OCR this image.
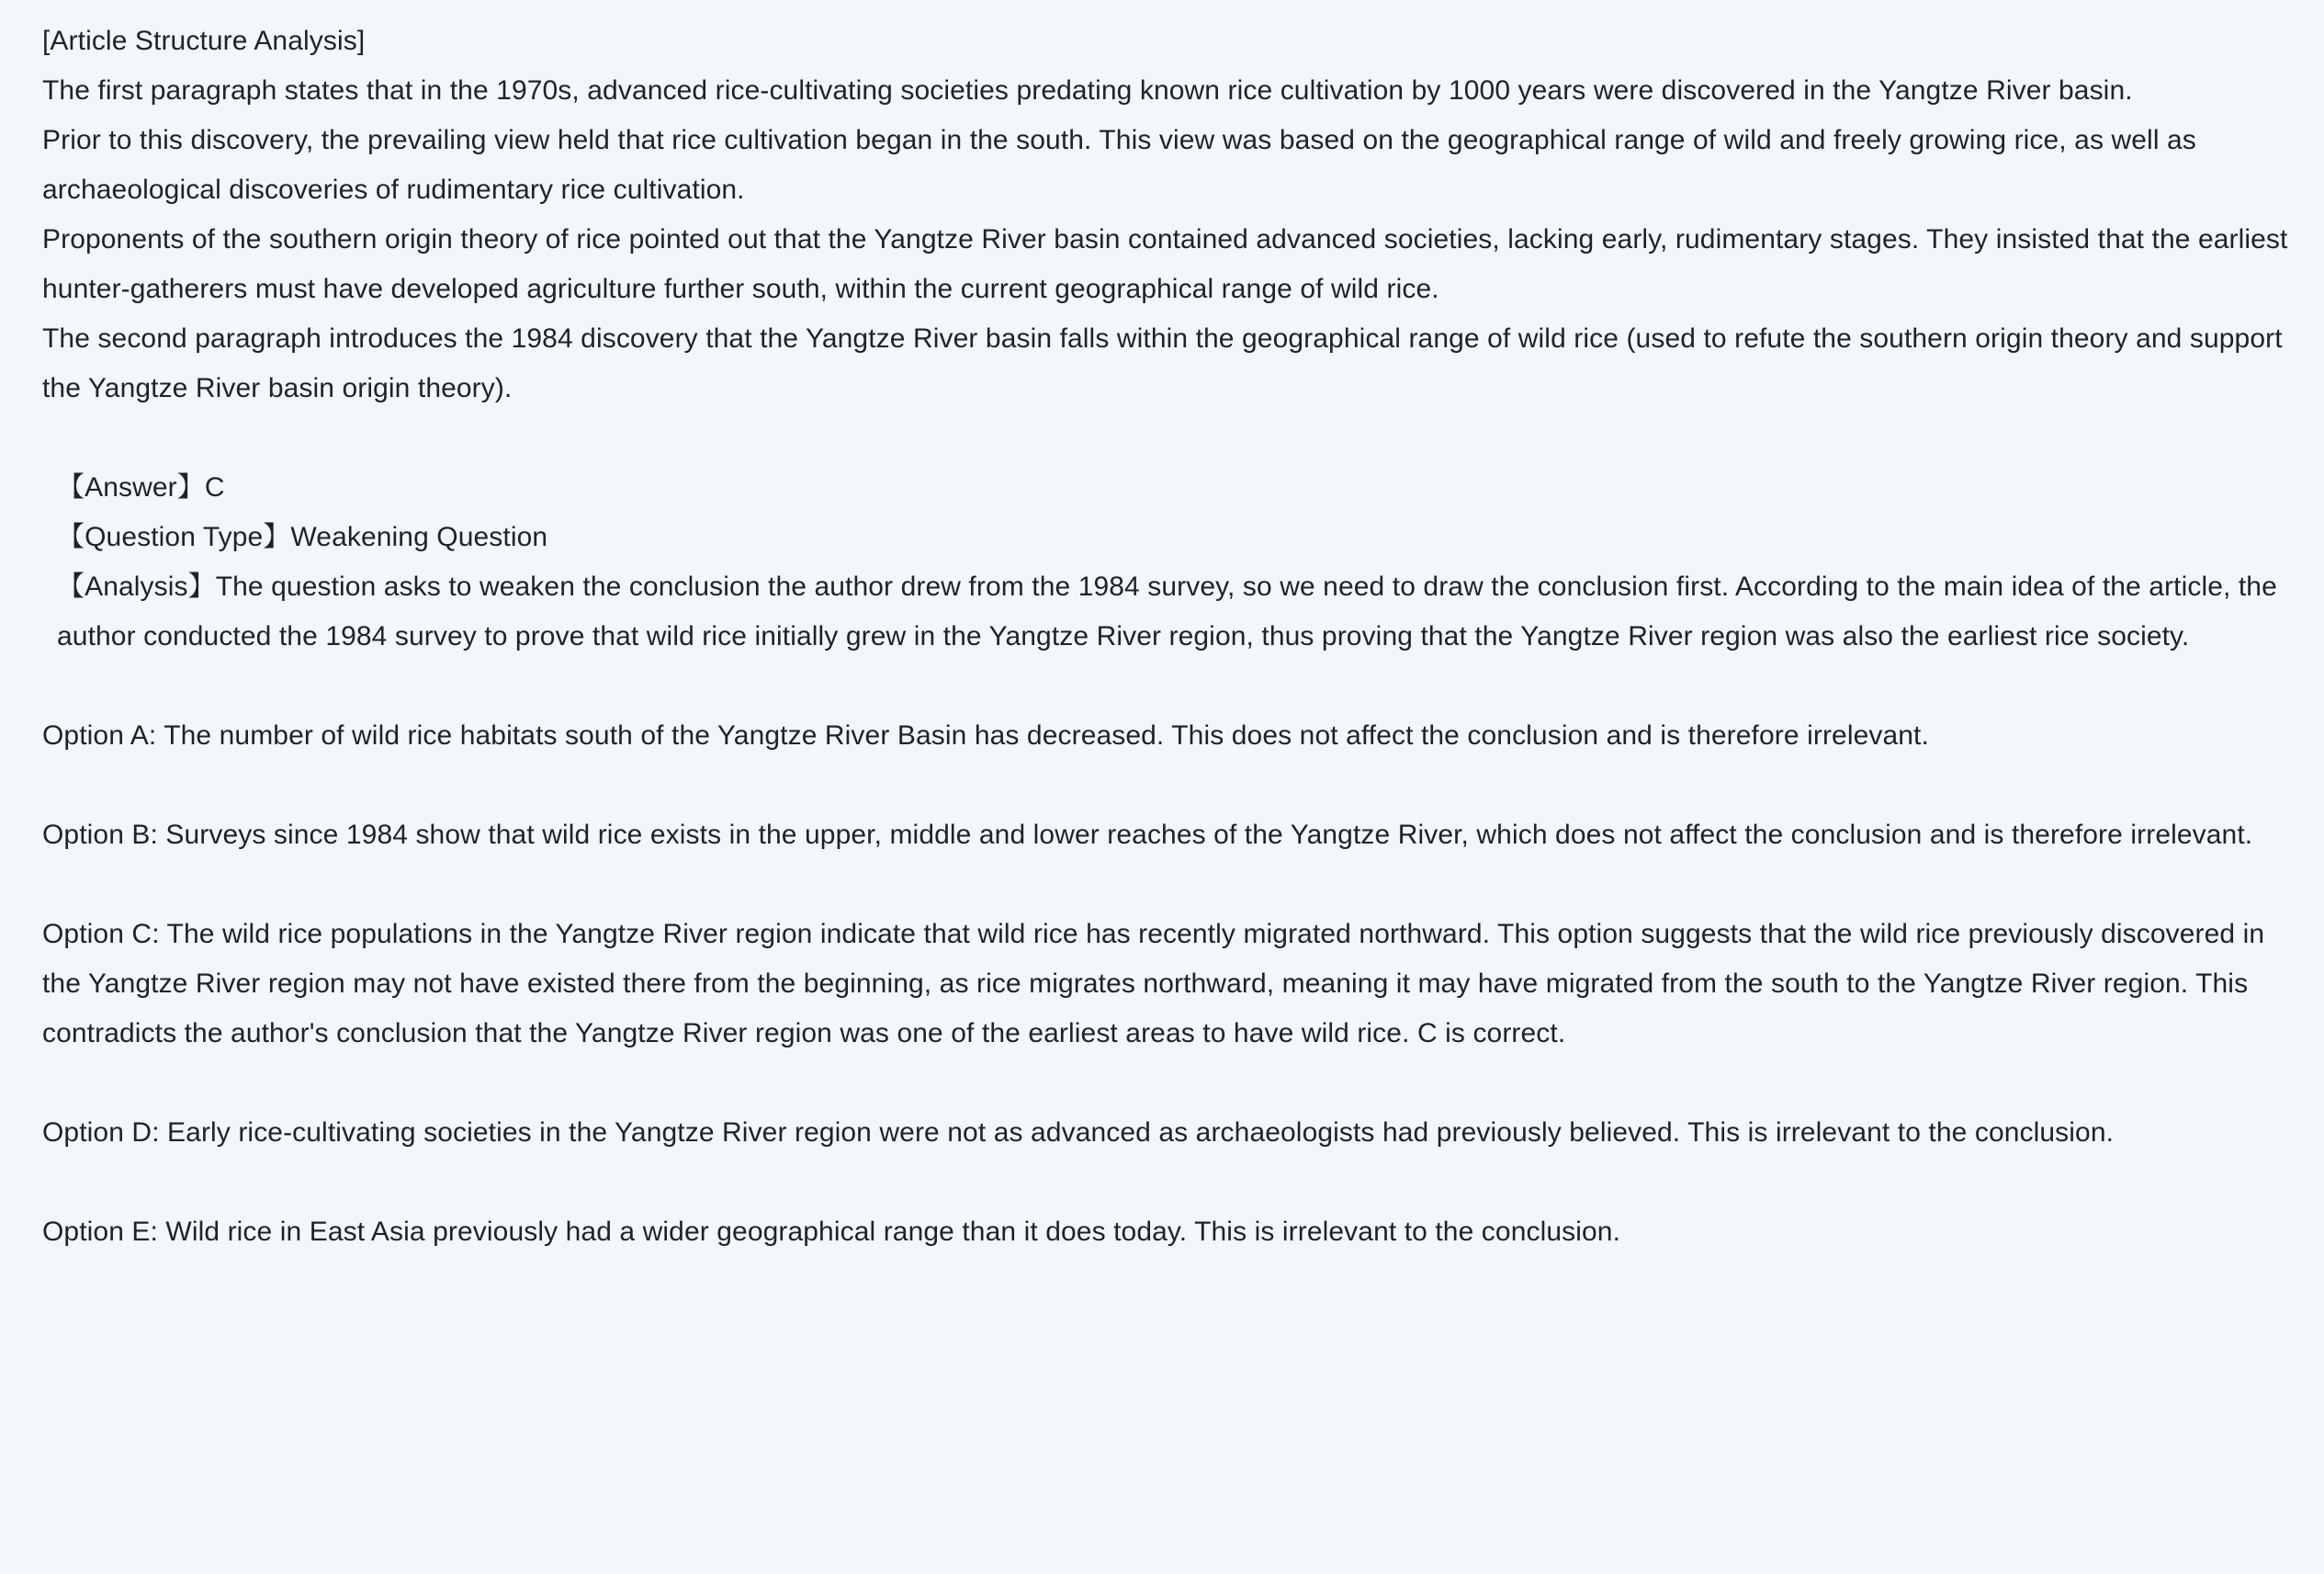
[Article Structure Analysis]

The first paragraph states that in the 1970s, advanced rice-cultivating societies predating known rice cultivation by 1000 years were discovered in the Yangtze River basin.

Prior to this discovery, the prevailing view held that rice cultivation began in the south. This view was based on the geographical range of wild and freely growing rice, as well as archaeological discoveries of rudimentary rice cultivation.

Proponents of the southern origin theory of rice pointed out that the Yangtze River basin contained advanced societies, lacking early, rudimentary stages. They insisted that the earliest hunter-gatherers must have developed agriculture further south, within the current geographical range of wild rice.

The second paragraph introduces the 1984 discovery that the Yangtze River basin falls within the geographical range of wild rice (used to refute the southern origin theory and support the Yangtze River basin origin theory).

【Answer】C

【Question Type】Weakening Question

【Analysis】The question asks to weaken the conclusion the author drew from the 1984 survey, so we need to draw the conclusion first. According to the main idea of the article, the author conducted the 1984 survey to prove that wild rice initially grew in the Yangtze River region, thus proving that the Yangtze River region was also the earliest rice society.

Option A: The number of wild rice habitats south of the Yangtze River Basin has decreased. This does not affect the conclusion and is therefore irrelevant.

Option B: Surveys since 1984 show that wild rice exists in the upper, middle and lower reaches of the Yangtze River, which does not affect the conclusion and is therefore irrelevant.

Option C: The wild rice populations in the Yangtze River region indicate that wild rice has recently migrated northward. This option suggests that the wild rice previously discovered in the Yangtze River region may not have existed there from the beginning, as rice migrates northward, meaning it may have migrated from the south to the Yangtze River region. This contradicts the author's conclusion that the Yangtze River region was one of the earliest areas to have wild rice. C is correct.

Option D: Early rice-cultivating societies in the Yangtze River region were not as advanced as archaeologists had previously believed. This is irrelevant to the conclusion.

Option E: Wild rice in East Asia previously had a wider geographical range than it does today. This is irrelevant to the conclusion.
